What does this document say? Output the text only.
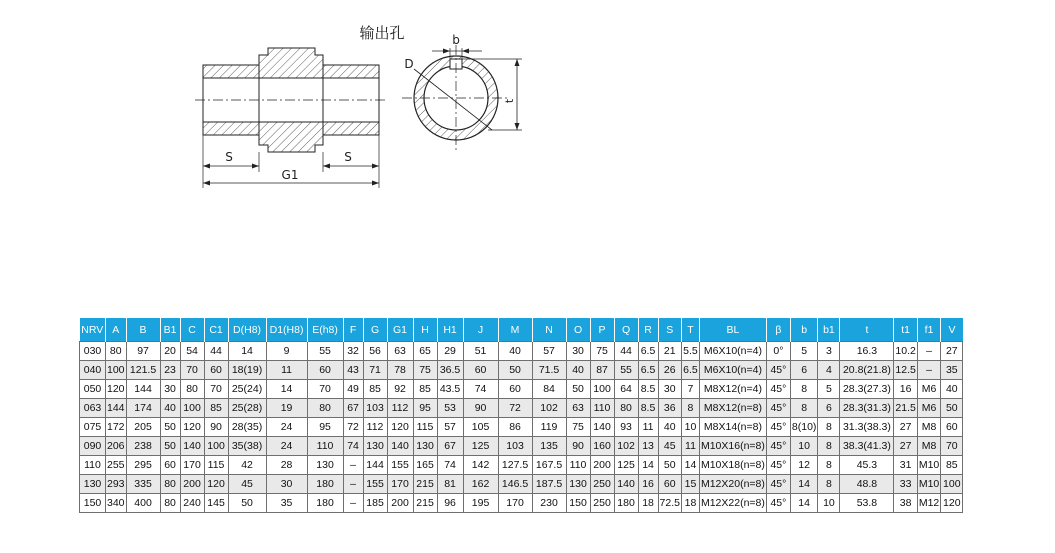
输出孔
S	S
G1
b
D
t
NRV	A	B	B1	C	C1	D(H8)	D1(H8)	E(h8)	F	G	G1	H	H1	J	M	N	O	P	Q	R	S	T	BL	β	b	b1	t	t1	f1	V
030	80	97	20	54	44	14	9	55	32	56	63	65	29	51	40	57	30	75	44	6.5	21	5.5	M6X10(n=4)	0°	5	3	16.3	10.2	–	27
040	100	121.5	23	70	60	18(19)	11	60	43	71	78	75	36.5	60	50	71.5	40	87	55	6.5	26	6.5	M6X10(n=4)	45°	6	4	20.8(21.8)	12.5	–	35
050	120	144	30	80	70	25(24)	14	70	49	85	92	85	43.5	74	60	84	50	100	64	8.5	30	7	M8X12(n=4)	45°	8	5	28.3(27.3)	16	M6	40
063	144	174	40	100	85	25(28)	19	80	67	103	112	95	53	90	72	102	63	110	80	8.5	36	8	M8X12(n=8)	45°	8	6	28.3(31.3)	21.5	M6	50
075	172	205	50	120	90	28(35)	24	95	72	112	120	115	57	105	86	119	75	140	93	11	40	10	M8X14(n=8)	45°	8(10)	8	31.3(38.3)	27	M8	60
090	206	238	50	140	100	35(38)	24	110	74	130	140	130	67	125	103	135	90	160	102	13	45	11	M10X16(n=8)	45°	10	8	38.3(41.3)	27	M8	70
110	255	295	60	170	115	42	28	130	–	144	155	165	74	142	127.5	167.5	110	200	125	14	50	14	M10X18(n=8)	45°	12	8	45.3	31	M10	85
130	293	335	80	200	120	45	30	180	–	155	170	215	81	162	146.5	187.5	130	250	140	16	60	15	M12X20(n=8)	45°	14	8	48.8	33	M10	100
150	340	400	80	240	145	50	35	180	–	185	200	215	96	195	170	230	150	250	180	18	72.5	18	M12X22(n=8)	45°	14	10	53.8	38	M12	120
